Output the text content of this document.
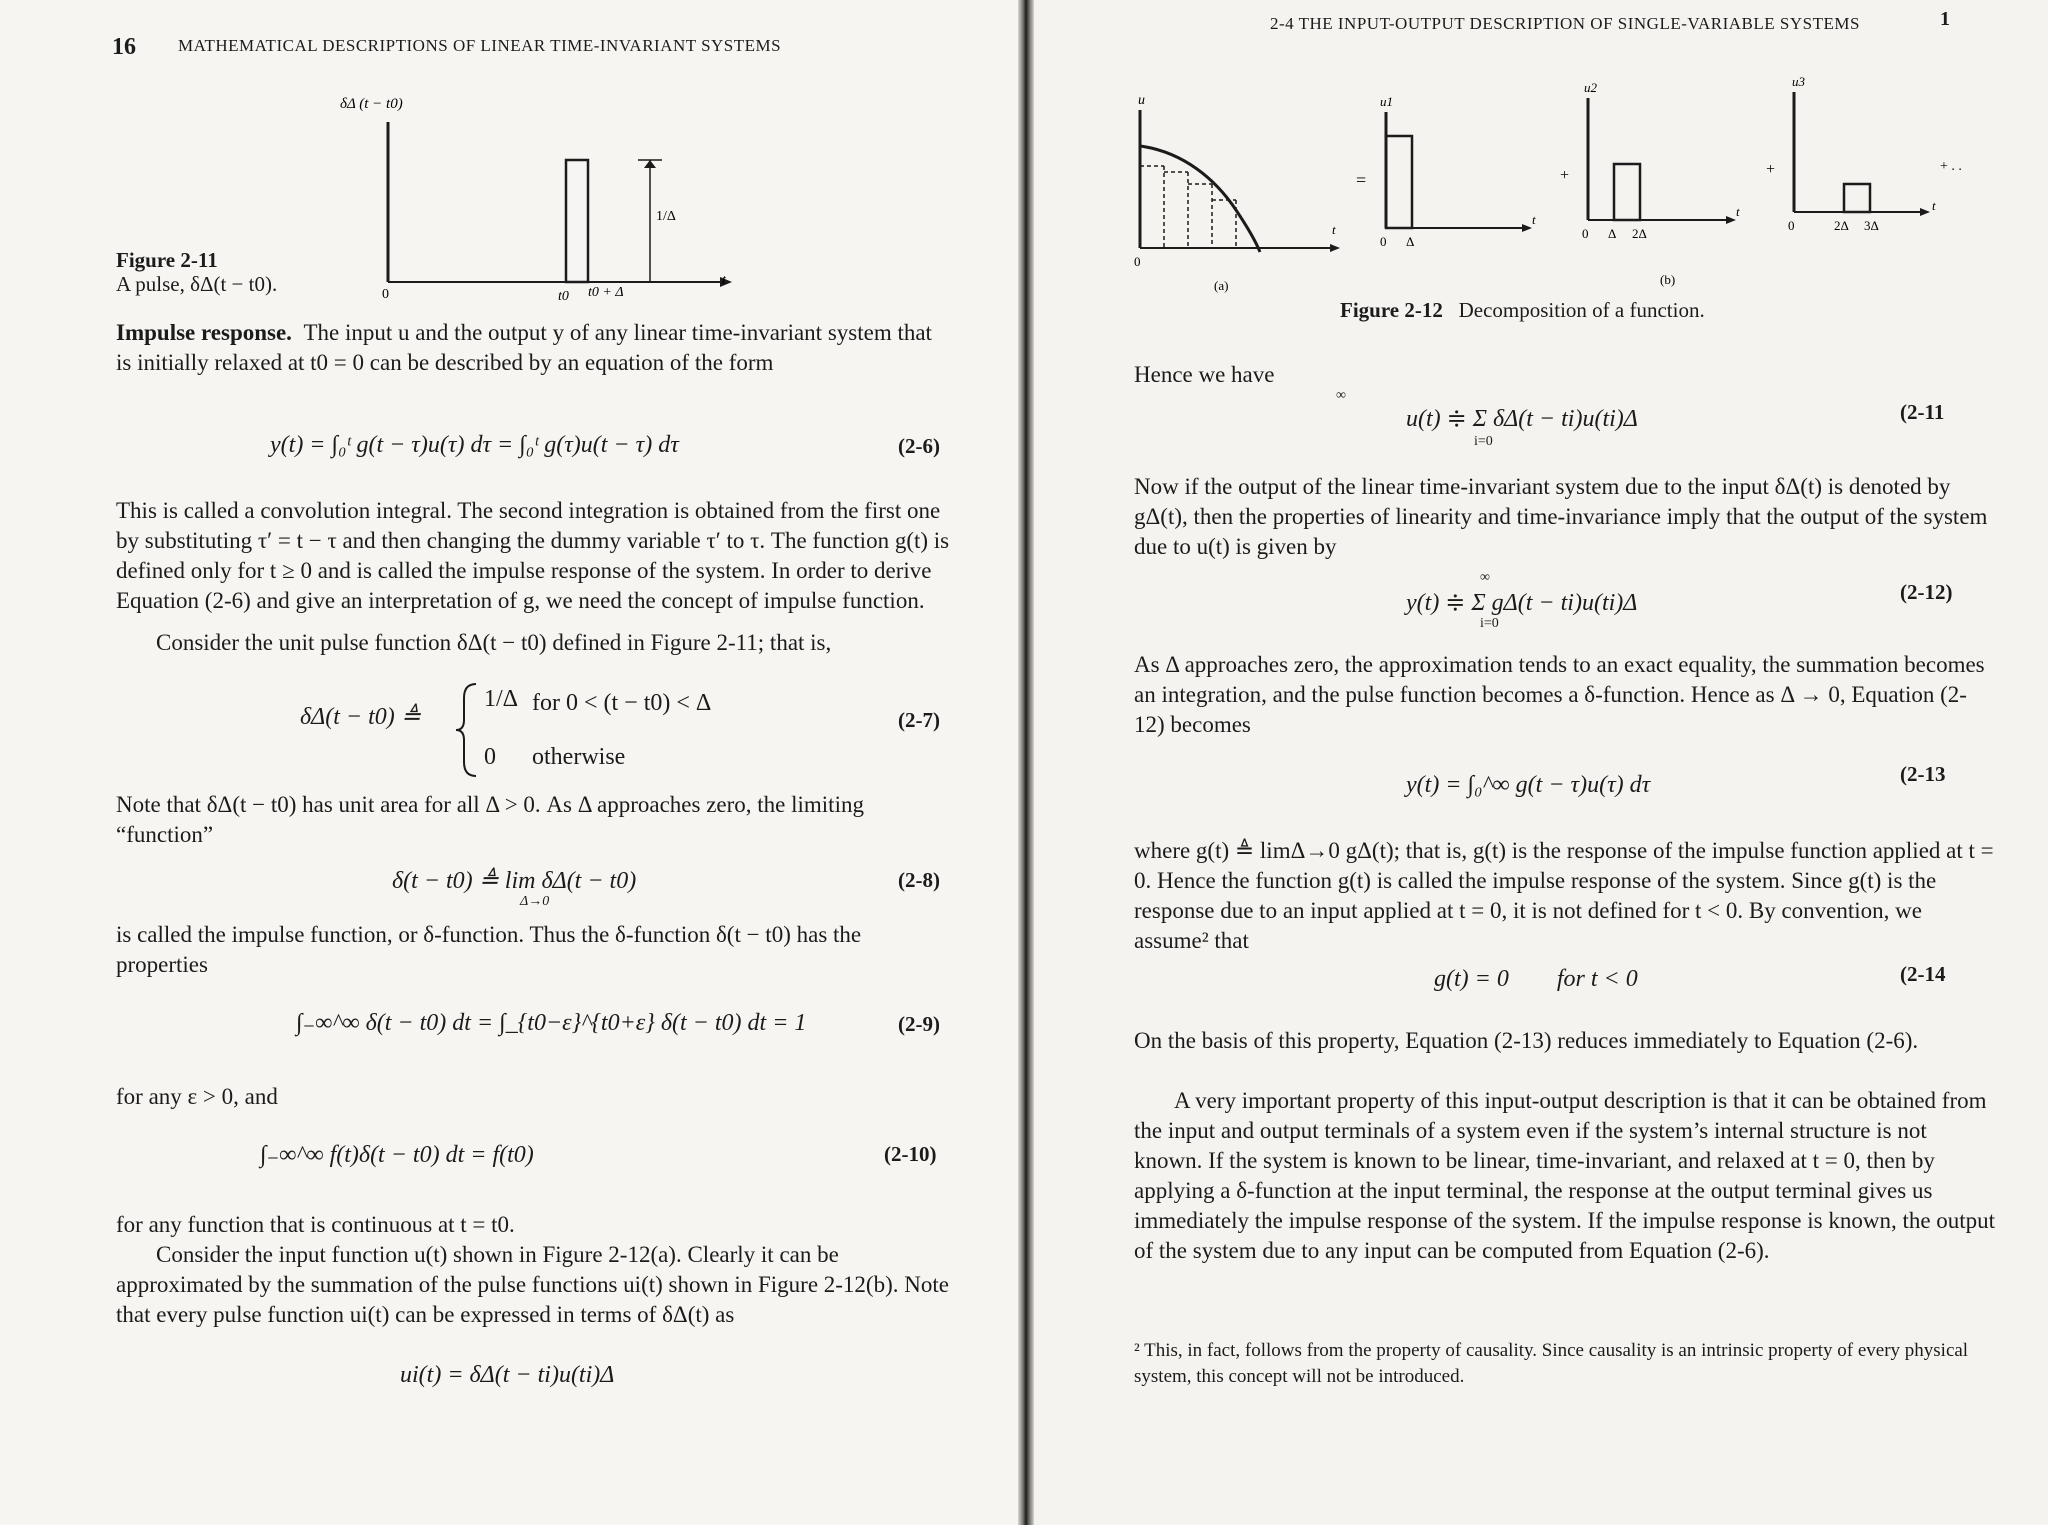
16 MATHEMATICAL DESCRIPTIONS OF LINEAR TIME-INVARIANT SYSTEMS
δΔ (t − t0)
1/Δ
0	t0 t0 + Δ
t
Figure 2-11
A pulse, δΔ(t − t0).
Impulse response. The input u and the output y of any linear time-invariant system that is initially relaxed at t0 = 0 can be described by an equation of the form
y(t) = ∫₀ᵗ g(t − τ)u(τ) dτ = ∫₀ᵗ g(τ)u(t − τ) dτ	(2-6)
This is called a convolution integral. The second integration is obtained from the first one by substituting τ′ = t − τ and then changing the dummy variable τ′ to τ. The function g(t) is defined only for t ≥ 0 and is called the impulse response of the system. In order to derive Equation (2-6) and give an interpretation of g, we need the concept of impulse function.
Consider the unit pulse function δΔ(t − t0) defined in Figure 2-11; that is,
δΔ(t − t0) ≜
1/Δ for 0 < (t − t0) < Δ
0 otherwise
(2-7)
Note that δΔ(t − t0) has unit area for all Δ > 0. As Δ approaches zero, the limiting “function”
δ(t − t0) ≜ lim δΔ(t − t0)
Δ→0
(2-8)
is called the impulse function, or δ-function. Thus the δ-function δ(t − t0) has the properties
∫₋∞^∞ δ(t − t0) dt = ∫_{t0−ε}^{t0+ε} δ(t − t0) dt = 1	(2-9)
for any ε > 0, and
∫₋∞^∞ f(t)δ(t − t0) dt = f(t0)	(2-10)
for any function that is continuous at t = t0.
Consider the input function u(t) shown in Figure 2-12(a). Clearly it can be approximated by the summation of the pulse functions ui(t) shown in Figure 2-12(b). Note that every pulse function ui(t) can be expressed in terms of δΔ(t) as
ui(t) = δΔ(t − ti)u(ti)Δ
2-4 THE INPUT-OUTPUT DESCRIPTION OF SINGLE-VARIABLE SYSTEMS	1
u
0
t
(a)
=
u1
0 Δ
t
+
u2
0 Δ 2Δ
t
(b)
+
u3
0	2Δ 3Δ
t
+ . .
Figure 2-12 Decomposition of a function.
Hence we have
∞
u(t) ≑ Σ δΔ(t − ti)u(ti)Δ
i=0
(2-11
Now if the output of the linear time-invariant system due to the input δΔ(t) is denoted by gΔ(t), then the properties of linearity and time-invariance imply that the output of the system due to u(t) is given by
∞
y(t) ≑ Σ gΔ(t − ti)u(ti)Δ
i=0
(2-12)
As Δ approaches zero, the approximation tends to an exact equality, the summation becomes an integration, and the pulse function becomes a δ-function. Hence as Δ → 0, Equation (2-12) becomes
y(t) = ∫₀^∞ g(t − τ)u(τ) dτ	(2-13
where g(t) ≜ limΔ→0 gΔ(t); that is, g(t) is the response of the impulse function applied at t = 0. Hence the function g(t) is called the impulse response of the system. Since g(t) is the response due to an input applied at t = 0, it is not defined for t < 0. By convention, we assume² that
g(t) = 0        for t < 0	(2-14
On the basis of this property, Equation (2-13) reduces immediately to Equation (2-6).
A very important property of this input-output description is that it can be obtained from the input and output terminals of a system even if the system’s internal structure is not known. If the system is known to be linear, time-invariant, and relaxed at t = 0, then by applying a δ-function at the input terminal, the response at the output terminal gives us immediately the impulse response of the system. If the impulse response is known, the output of the system due to any input can be computed from Equation (2-6).
² This, in fact, follows from the property of causality. Since causality is an intrinsic property of every physical system, this concept will not be introduced.
